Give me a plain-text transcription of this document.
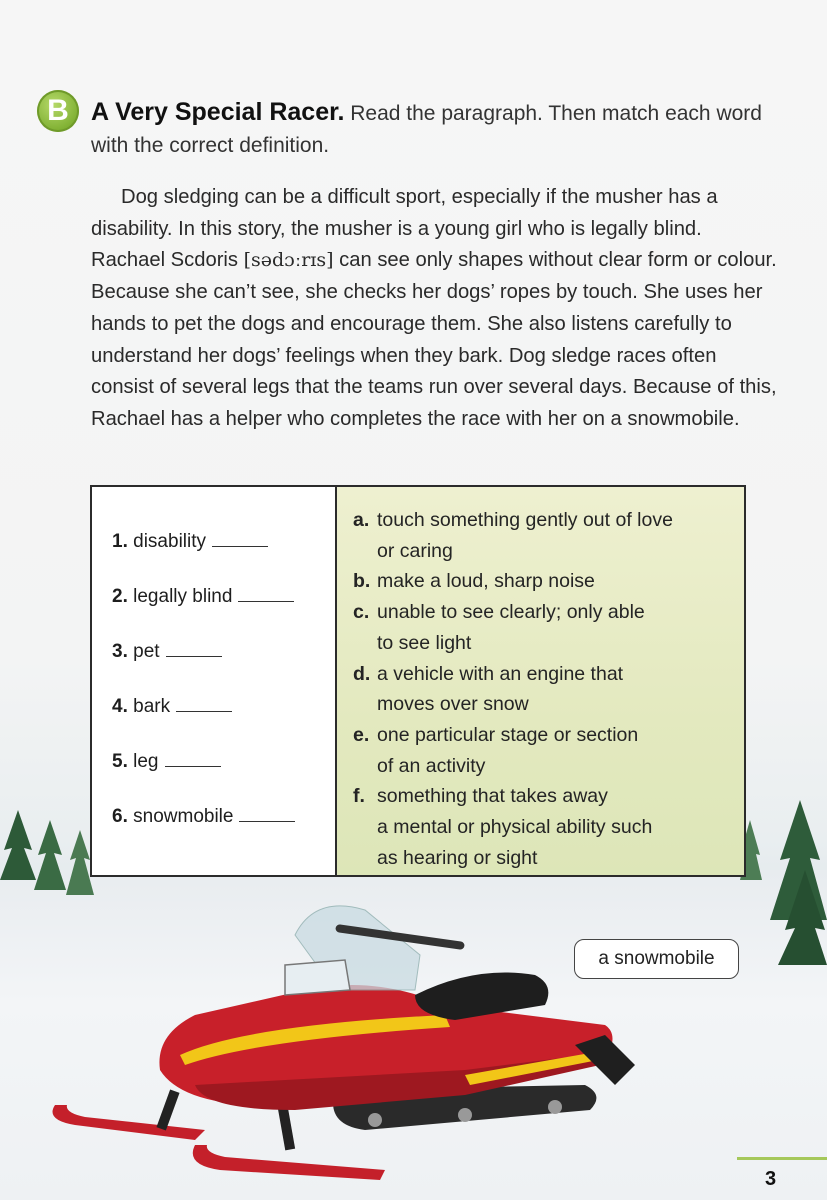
B A Very Special Racer. Read the paragraph. Then match each word with the correct definition.
Dog sledging can be a difficult sport, especially if the musher has a disability. In this story, the musher is a young girl who is legally blind. Rachael Scdoris [sədɔːrɪs] can see only shapes without clear form or colour. Because she can’t see, she checks her dogs’ ropes by touch. She uses her hands to pet the dogs and encourage them. She also listens carefully to understand her dogs’ feelings when they bark. Dog sledge races often consist of several legs that the teams run over several days. Because of this, Rachael has a helper who completes the race with her on a snowmobile.
1. disability
2. legally blind
3. pet
4. bark
5. leg
6. snowmobile
a. touch something gently out of love
or caring
b. make a loud, sharp noise
c. unable to see clearly; only able
to see light
d. a vehicle with an engine that
moves over snow
e. one particular stage or section
of an activity
f. something that takes away
a mental or physical ability such
as hearing or sight
a snowmobile
3
